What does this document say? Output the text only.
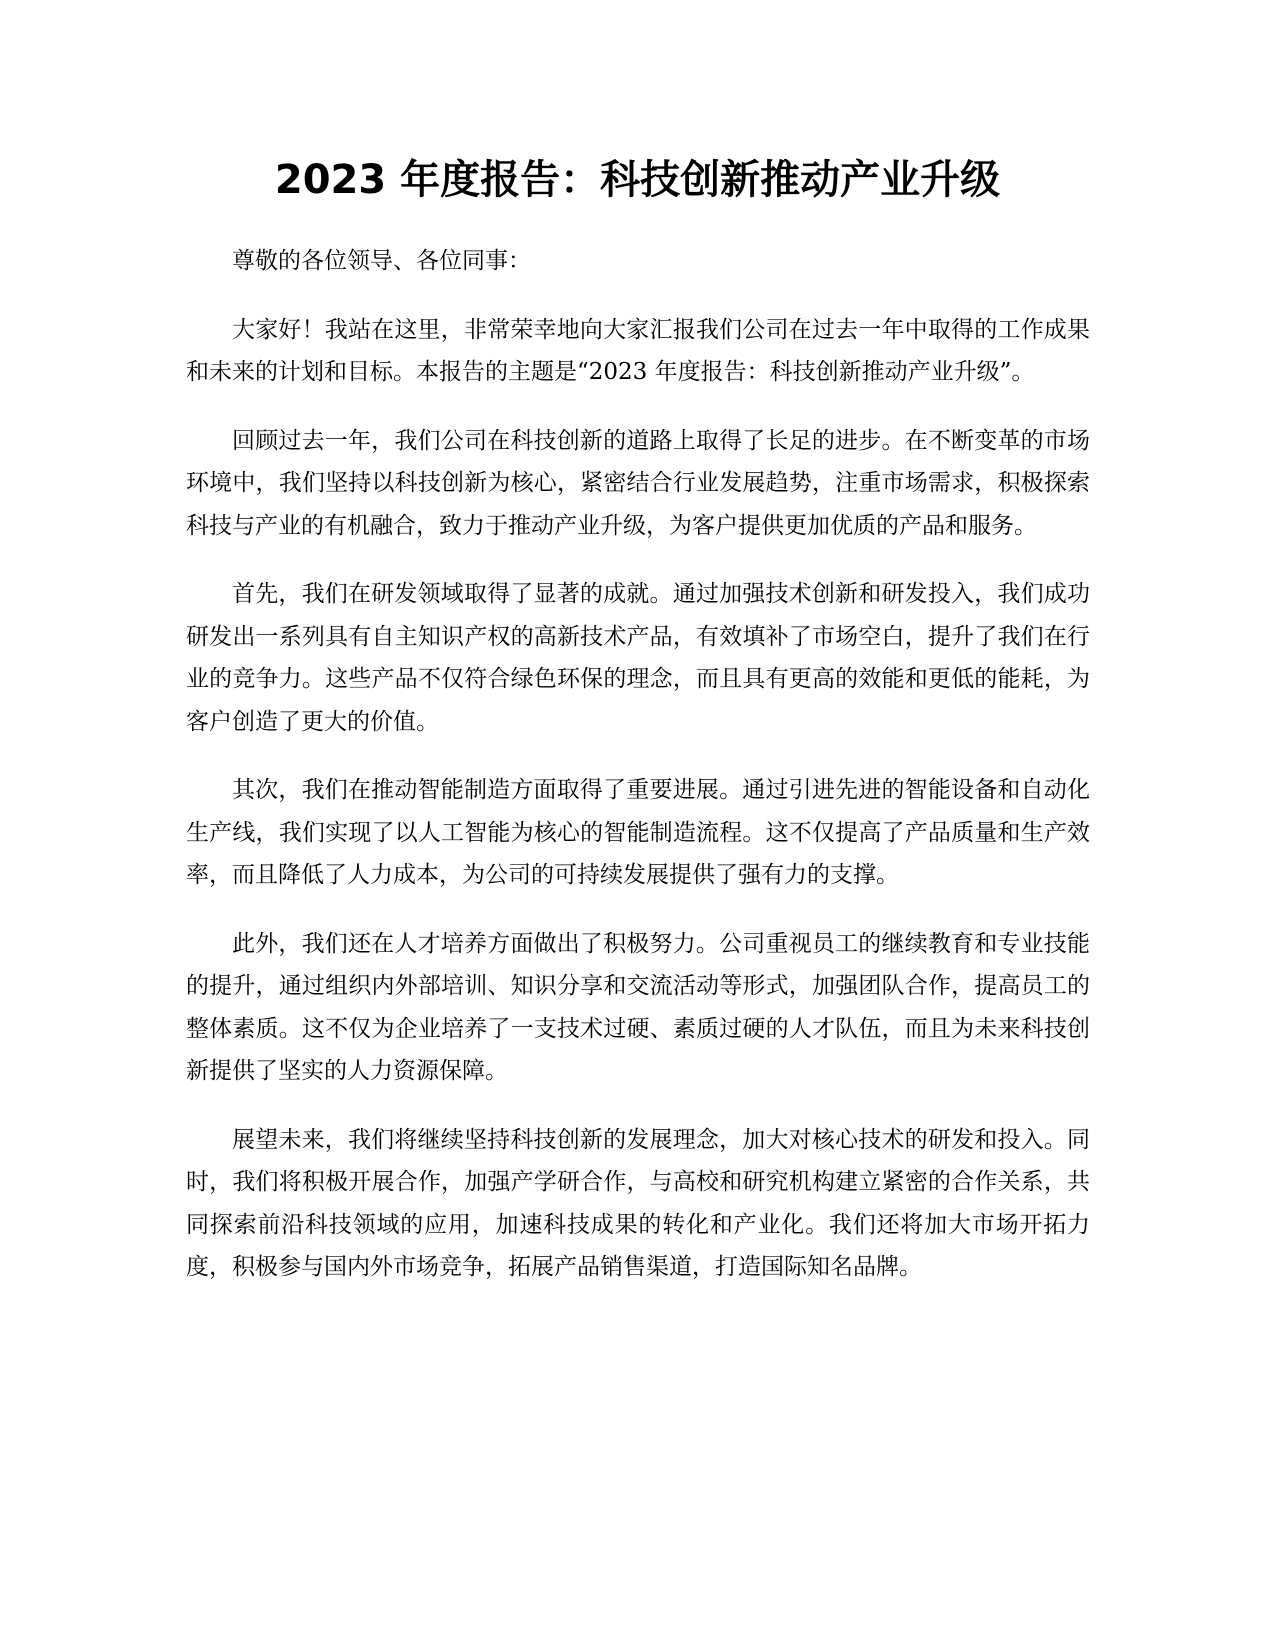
2023 年度报告：科技创新推动产业升级

尊敬的各位领导、各位同事：

大家好！我站在这里，非常荣幸地向大家汇报我们公司在过去一年中取得的工作成果和未来的计划和目标。本报告的主题是“2023 年度报告：科技创新推动产业升级”。

回顾过去一年，我们公司在科技创新的道路上取得了长足的进步。在不断变革的市场环境中，我们坚持以科技创新为核心，紧密结合行业发展趋势，注重市场需求，积极探索科技与产业的有机融合，致力于推动产业升级，为客户提供更加优质的产品和服务。

首先，我们在研发领域取得了显著的成就。通过加强技术创新和研发投入，我们成功研发出一系列具有自主知识产权的高新技术产品，有效填补了市场空白，提升了我们在行业的竞争力。这些产品不仅符合绿色环保的理念，而且具有更高的效能和更低的能耗，为客户创造了更大的价值。

其次，我们在推动智能制造方面取得了重要进展。通过引进先进的智能设备和自动化生产线，我们实现了以人工智能为核心的智能制造流程。这不仅提高了产品质量和生产效率，而且降低了人力成本，为公司的可持续发展提供了强有力的支撑。

此外，我们还在人才培养方面做出了积极努力。公司重视员工的继续教育和专业技能的提升，通过组织内外部培训、知识分享和交流活动等形式，加强团队合作，提高员工的整体素质。这不仅为企业培养了一支技术过硬、素质过硬的人才队伍，而且为未来科技创新提供了坚实的人力资源保障。

展望未来，我们将继续坚持科技创新的发展理念，加大对核心技术的研发和投入。同时，我们将积极开展合作，加强产学研合作，与高校和研究机构建立紧密的合作关系，共同探索前沿科技领域的应用，加速科技成果的转化和产业化。我们还将加大市场开拓力度，积极参与国内外市场竞争，拓展产品销售渠道，打造国际知名品牌。
